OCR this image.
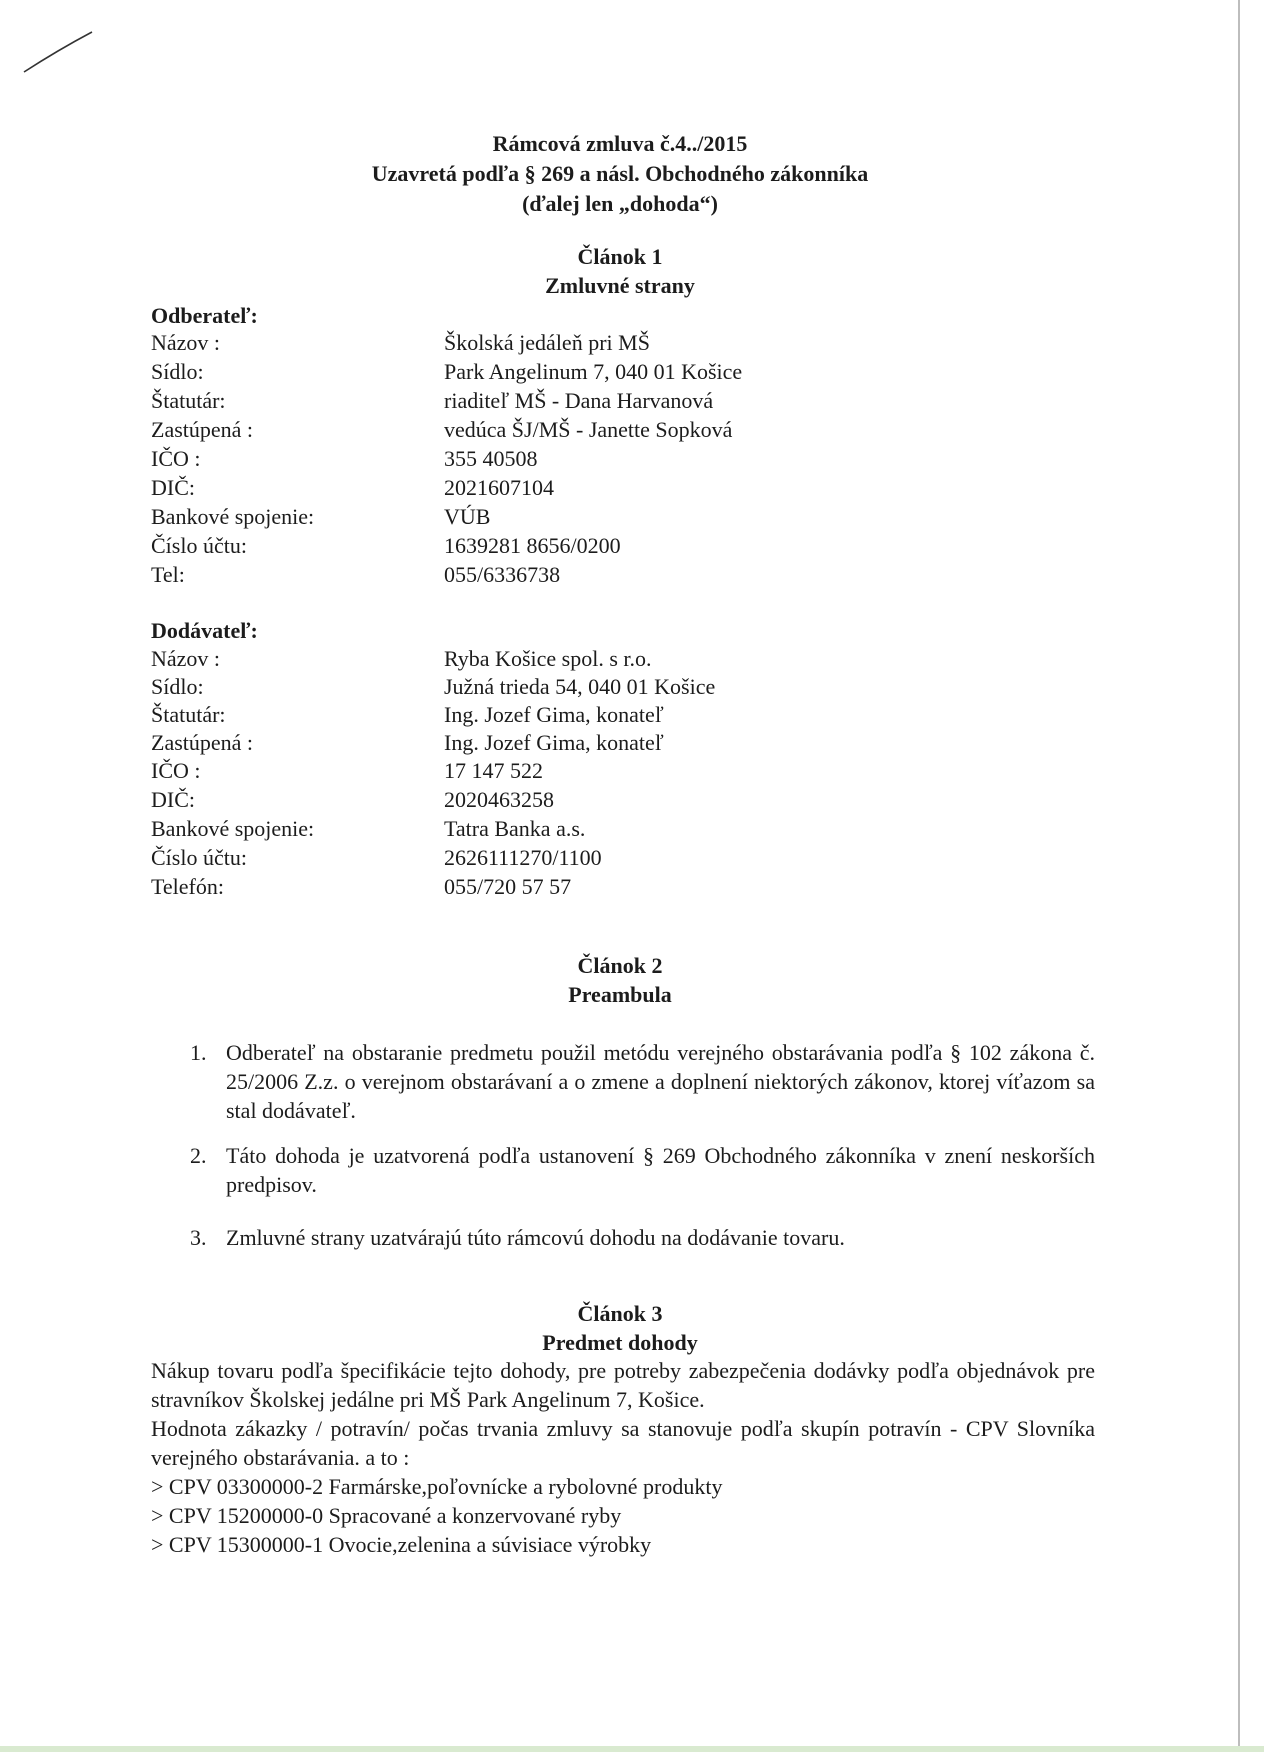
Rámcová zmluva č.4../2015
Uzavretá podľa § 269 a násl. Obchodného zákonníka
(ďalej len „dohoda“)
Článok 1
Zmluvné strany
Odberateľ:
Názov :	Školská jedáleň pri MŠ
Sídlo:	Park Angelinum 7, 040 01 Košice
Štatutár:	riaditeľ MŠ - Dana Harvanová
Zastúpená :	vedúca ŠJ/MŠ - Janette Sopková
IČO :	355 40508
DIČ:	2021607104
Bankové spojenie:	VÚB
Číslo účtu:	1639281 8656/0200
Tel:	055/6336738
Dodávateľ:
Názov :	Ryba Košice spol. s r.o.
Sídlo:	Južná trieda 54, 040 01 Košice
Štatutár:	Ing. Jozef Gima, konateľ
Zastúpená :	Ing. Jozef Gima, konateľ
IČO :	17 147 522
DIČ:	2020463258
Bankové spojenie:	Tatra Banka a.s.
Číslo účtu:	2626111270/1100
Telefón:	055/720 57 57
Článok 2
Preambula
1. Odberateľ na obstaranie predmetu použil metódu verejného obstarávania podľa § 102 zákona č. 25/2006 Z.z. o verejnom obstarávaní a o zmene a doplnení niektorých zákonov, ktorej víťazom sa stal dodávateľ.
2. Táto dohoda je uzatvorená podľa ustanovení § 269 Obchodného zákonníka v znení neskorších predpisov.
3. Zmluvné strany uzatvárajú túto rámcovú dohodu na dodávanie tovaru.
Článok 3
Predmet dohody
Nákup tovaru podľa špecifikácie tejto dohody, pre potreby zabezpečenia dodávky podľa objednávok pre stravníkov Školskej jedálne pri MŠ Park Angelinum 7, Košice.
Hodnota zákazky / potravín/ počas trvania zmluvy sa stanovuje podľa skupín potravín - CPV Slovníka verejného obstarávania. a to :
> CPV 03300000-2 Farmárske,poľovnícke a rybolovné produkty
> CPV 15200000-0 Spracované a konzervované ryby
> CPV 15300000-1 Ovocie,zelenina a súvisiace výrobky
